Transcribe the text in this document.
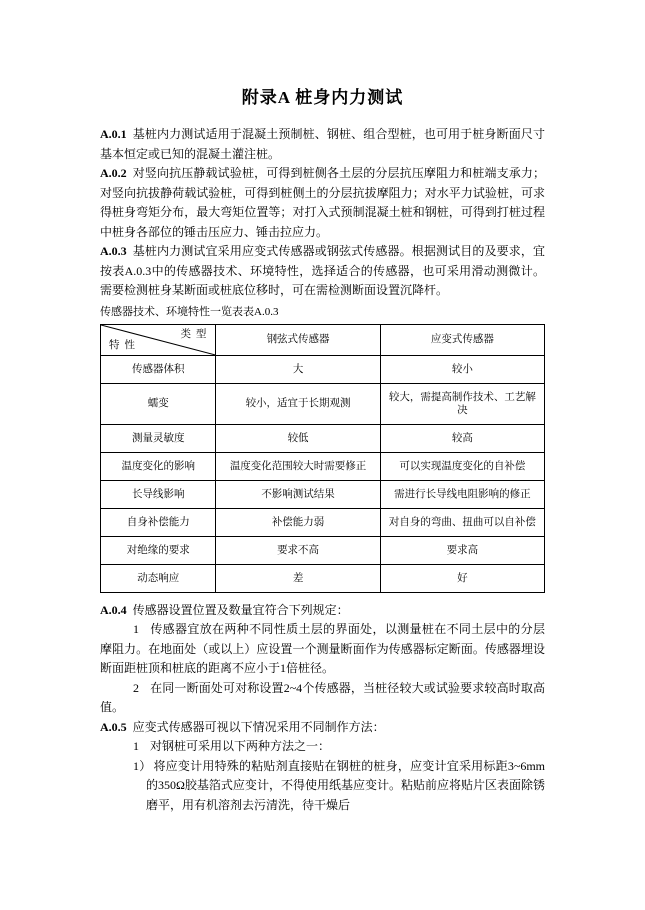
附录A 桩身内力测试

A.0.1 基桩内力测试适用于混凝土预制桩、钢桩、组合型桩，也可用于桩身断面尺寸基本恒定或已知的混凝土灌注桩。

A.0.2 对竖向抗压静载试验桩，可得到桩侧各土层的分层抗压摩阻力和桩端支承力；对竖向抗拔静荷载试验桩，可得到桩侧土的分层抗拔摩阻力；对水平力试验桩，可求得桩身弯矩分布，最大弯矩位置等；对打入式预制混凝土桩和钢桩，可得到打桩过程中桩身各部位的锤击压应力、锤击拉应力。

A.0.3 基桩内力测试宜采用应变式传感器或钢弦式传感器。根据测试目的及要求，宜按表A.0.3中的传感器技术、环境特性，选择适合的传感器，也可采用滑动测微计。需要检测桩身某断面或桩底位移时，可在需检测断面设置沉降杆。

传感器技术、环境特性一览表表A.0.3

类型
特性	钢弦式传感器	应变式传感器
传感器体积	大	较小
蠕变	较小，适宜于长期观测	较大，需提高制作技术、工艺解决
测量灵敏度	较低	较高
温度变化的影响	温度变化范围较大时需要修正	可以实现温度变化的自补偿
长导线影响	不影响测试结果	需进行长导线电阻影响的修正
自身补偿能力	补偿能力弱	对自身的弯曲、扭曲可以自补偿
对绝缘的要求	要求不高	要求高
动态响应	差	好

A.0.4 传感器设置位置及数量宜符合下列规定：

1 传感器宜放在两种不同性质土层的界面处，以测量桩在不同土层中的分层摩阻力。在地面处（或以上）应设置一个测量断面作为传感器标定断面。传感器埋设断面距桩顶和桩底的距离不应小于1倍桩径。

2 在同一断面处可对称设置2~4个传感器，当桩径较大或试验要求较高时取高值。

A.0.5 应变式传感器可视以下情况采用不同制作方法：

1 对钢桩可采用以下两种方法之一：

1） 将应变计用特殊的粘贴剂直接贴在钢桩的桩身，应变计宜采用标距3~6mm的350Ω胶基箔式应变计，不得使用纸基应变计。粘贴前应将贴片区表面除锈磨平，用有机溶剂去污清洗，待干燥后
